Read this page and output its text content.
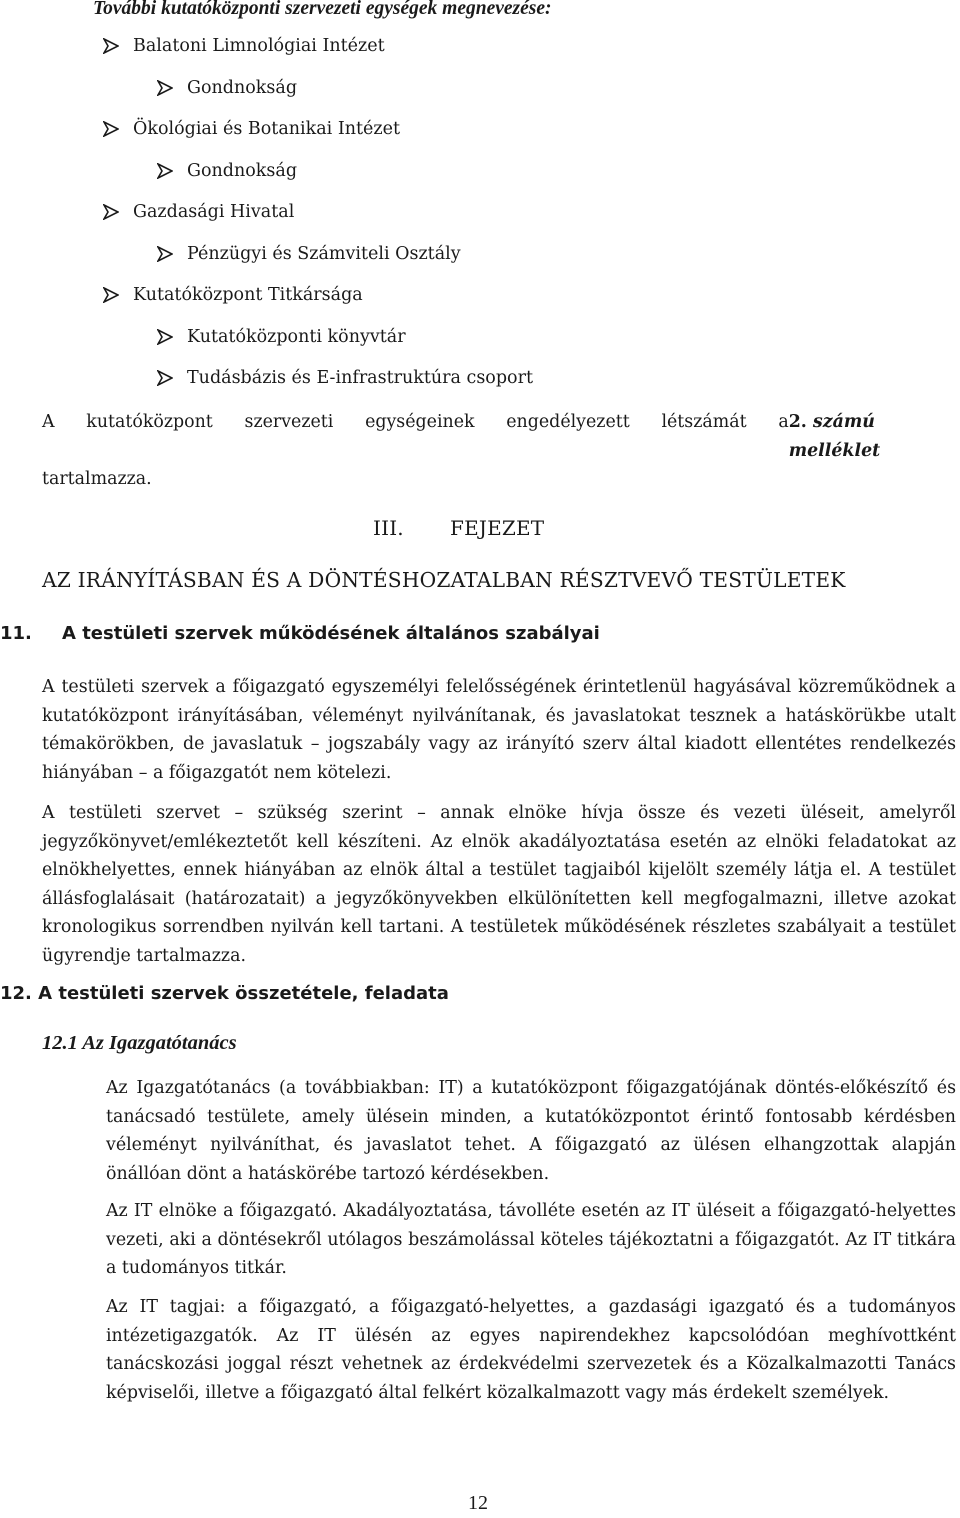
További kutatóközponti szervezeti egységek megnevezése:
Balatoni Limnológiai Intézet
Gondnokság
Ökológiai és Botanikai Intézet
Gondnokság
Gazdasági Hivatal
Pénzügyi és Számviteli Osztály
Kutatóközpont Titkársága
Kutatóközponti könyvtár
Tudásbázis és E-infrastruktúra csoport
A kutatóközpont szervezeti egységeinek engedélyezett létszámát a 2. számú melléklet
tartalmazza.
III. FEJEZET
AZ IRÁNYÍTÁSBAN ÉS A DÖNTÉSHOZATALBAN RÉSZTVEVŐ TESTÜLETEK
11. A testületi szervek működésének általános szabályai
A testületi szervek a főigazgató egyszemélyi felelősségének érintetlenül hagyásával közreműködnek a kutatóközpont irányításában, véleményt nyilvánítanak, és javaslatokat tesznek a hatáskörükbe utalt témakörökben, de javaslatuk – jogszabály vagy az irányító szerv által kiadott ellentétes rendelkezés hiányában – a főigazgatót nem kötelezi.
A testületi szervet – szükség szerint – annak elnöke hívja össze és vezeti üléseit, amelyről jegyzőkönyvet/emlékeztetőt kell készíteni. Az elnök akadályoztatása esetén az elnöki feladatokat az elnökhelyettes, ennek hiányában az elnök által a testület tagjaiból kijelölt személy látja el. A testület állásfoglalásait (határozatait) a jegyzőkönyvekben elkülönítetten kell megfogalmazni, illetve azokat kronologikus sorrendben nyilván kell tartani. A testületek működésének részletes szabályait a testület ügyrendje tartalmazza.
12. A testületi szervek összetétele, feladata
12.1 Az Igazgatótanács
Az Igazgatótanács (a továbbiakban: IT) a kutatóközpont főigazgatójának döntés-előkészítő és tanácsadó testülete, amely ülésein minden, a kutatóközpontot érintő fontosabb kérdésben véleményt nyilváníthat, és javaslatot tehet. A főigazgató az ülésen elhangzottak alapján önállóan dönt a hatáskörébe tartozó kérdésekben.
Az IT elnöke a főigazgató. Akadályoztatása, távolléte esetén az IT üléseit a főigazgató-helyettes vezeti, aki a döntésekről utólagos beszámolással köteles tájékoztatni a főigazgatót. Az IT titkára a tudományos titkár.
Az IT tagjai: a főigazgató, a főigazgató-helyettes, a gazdasági igazgató és a tudományos intézetigazgatók. Az IT ülésén az egyes napirendekhez kapcsolódóan meghívottként tanácskozási joggal részt vehetnek az érdekvédelmi szervezetek és a Közalkalmazotti Tanács képviselői, illetve a főigazgató által felkért közalkalmazott vagy más érdekelt személyek.
12
